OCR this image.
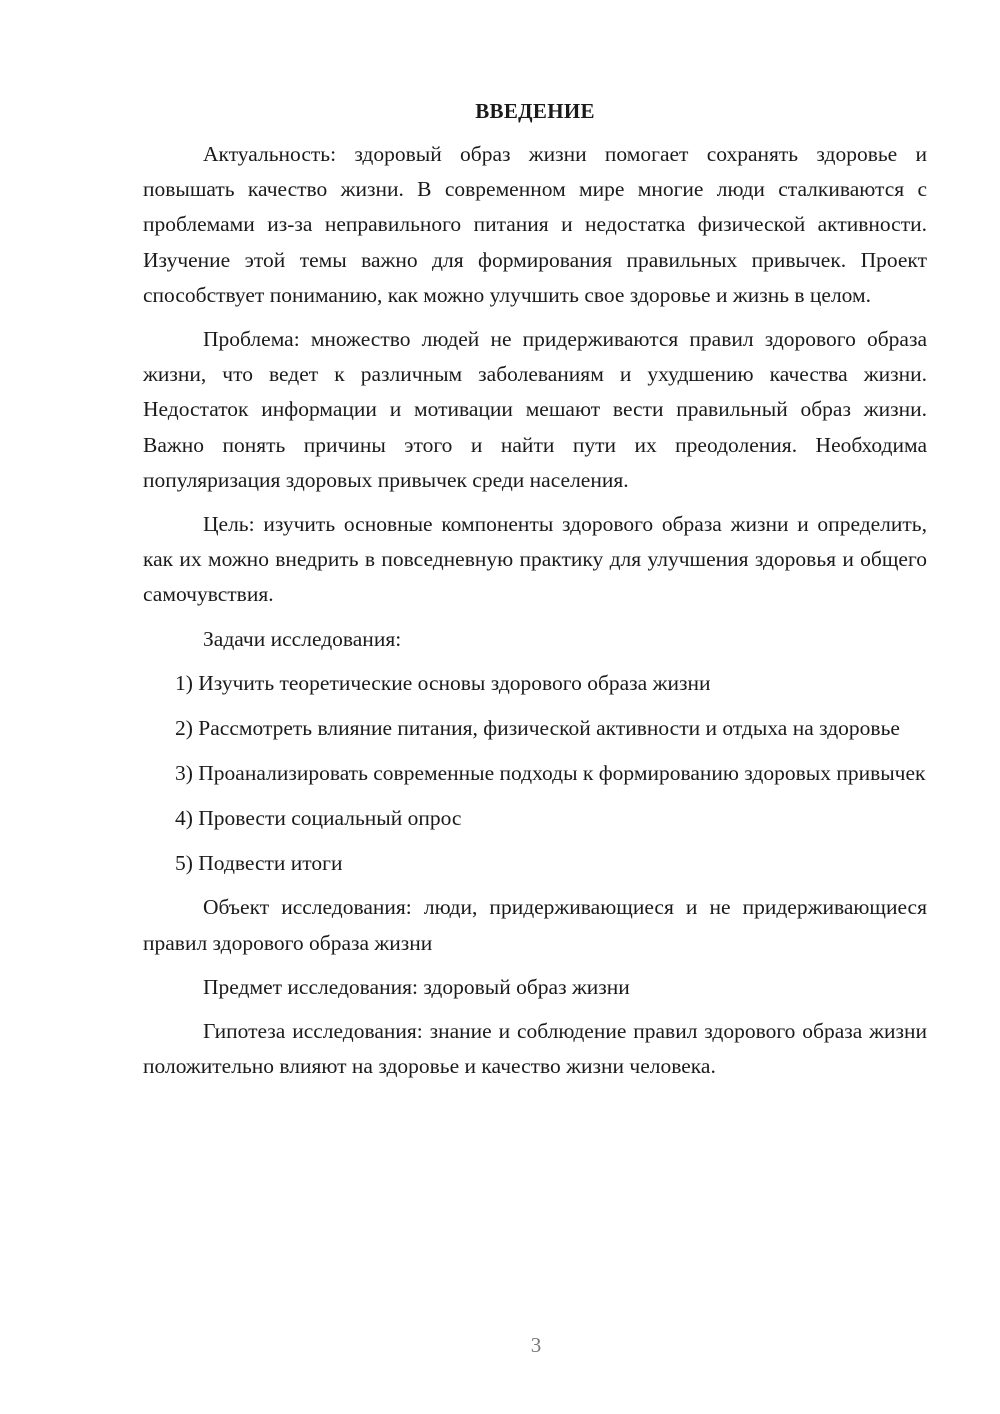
ВВЕДЕНИЕ

Актуальность: здоровый образ жизни помогает сохранять здоровье и повышать качество жизни. В современном мире многие люди сталкиваются с проблемами из-за неправильного питания и недостатка физической активности. Изучение этой темы важно для формирования правильных привычек. Проект способствует пониманию, как можно улучшить свое здоровье и жизнь в целом.

Проблема: множество людей не придерживаются правил здорового образа жизни, что ведет к различным заболеваниям и ухудшению качества жизни. Недостаток информации и мотивации мешают вести правильный образ жизни. Важно понять причины этого и найти пути их преодоления. Необходима популяризация здоровых привычек среди населения.

Цель: изучить основные компоненты здорового образа жизни и определить, как их можно внедрить в повседневную практику для улучшения здоровья и общего самочувствия.

Задачи исследования:
1) Изучить теоретические основы здорового образа жизни
2) Рассмотреть влияние питания, физической активности и отдыха на здоровье
3) Проанализировать современные подходы к формированию здоровых привычек
4) Провести социальный опрос
5) Подвести итоги

Объект исследования: люди, придерживающиеся и не придерживающиеся правил здорового образа жизни

Предмет исследования: здоровый образ жизни

Гипотеза исследования: знание и соблюдение правил здорового образа жизни положительно влияют на здоровье и качество жизни человека.

3
